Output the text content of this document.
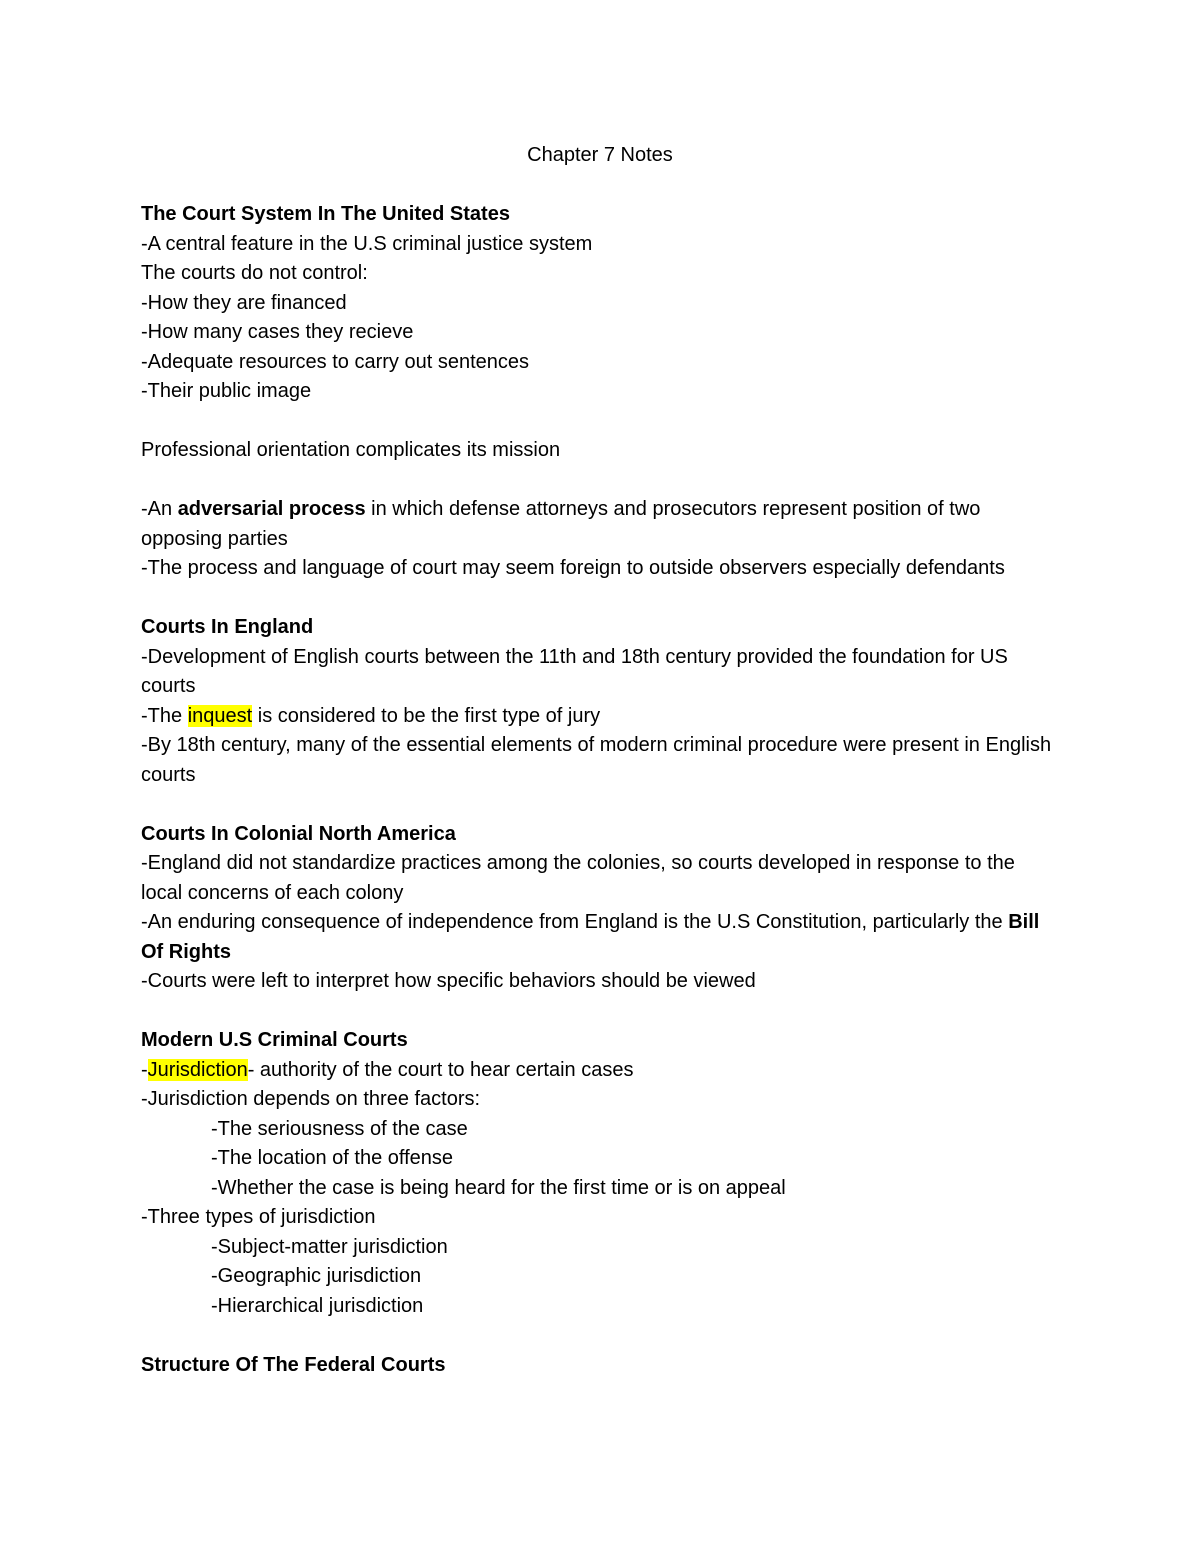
Chapter 7 Notes
The Court System In The United States
-A central feature in the U.S criminal justice system
The courts do not control:
-How they are financed
-How many cases they recieve
-Adequate resources to carry out sentences
-Their public image
Professional orientation complicates its mission
-An adversarial process in which defense attorneys and prosecutors represent position of two opposing parties
-The process and language of court may seem foreign to outside observers especially defendants
Courts In England
-Development of English courts between the 11th and 18th century provided the foundation for US courts
-The inquest is considered to be the first type of jury
-By 18th century, many of the essential elements of modern criminal procedure were present in English courts
Courts In Colonial North America
-England did not standardize practices among the colonies, so courts developed in response to the local concerns of each colony
-An enduring consequence of independence from England is the U.S Constitution, particularly the Bill Of Rights
-Courts were left to interpret how specific behaviors should be viewed
Modern U.S Criminal Courts
-Jurisdiction- authority of the court to hear certain cases
-Jurisdiction depends on three factors:
-The seriousness of the case
-The location of the offense
-Whether the case is being heard for the first time or is on appeal
-Three types of jurisdiction
-Subject-matter jurisdiction
-Geographic jurisdiction
-Hierarchical jurisdiction
Structure Of The Federal Courts
